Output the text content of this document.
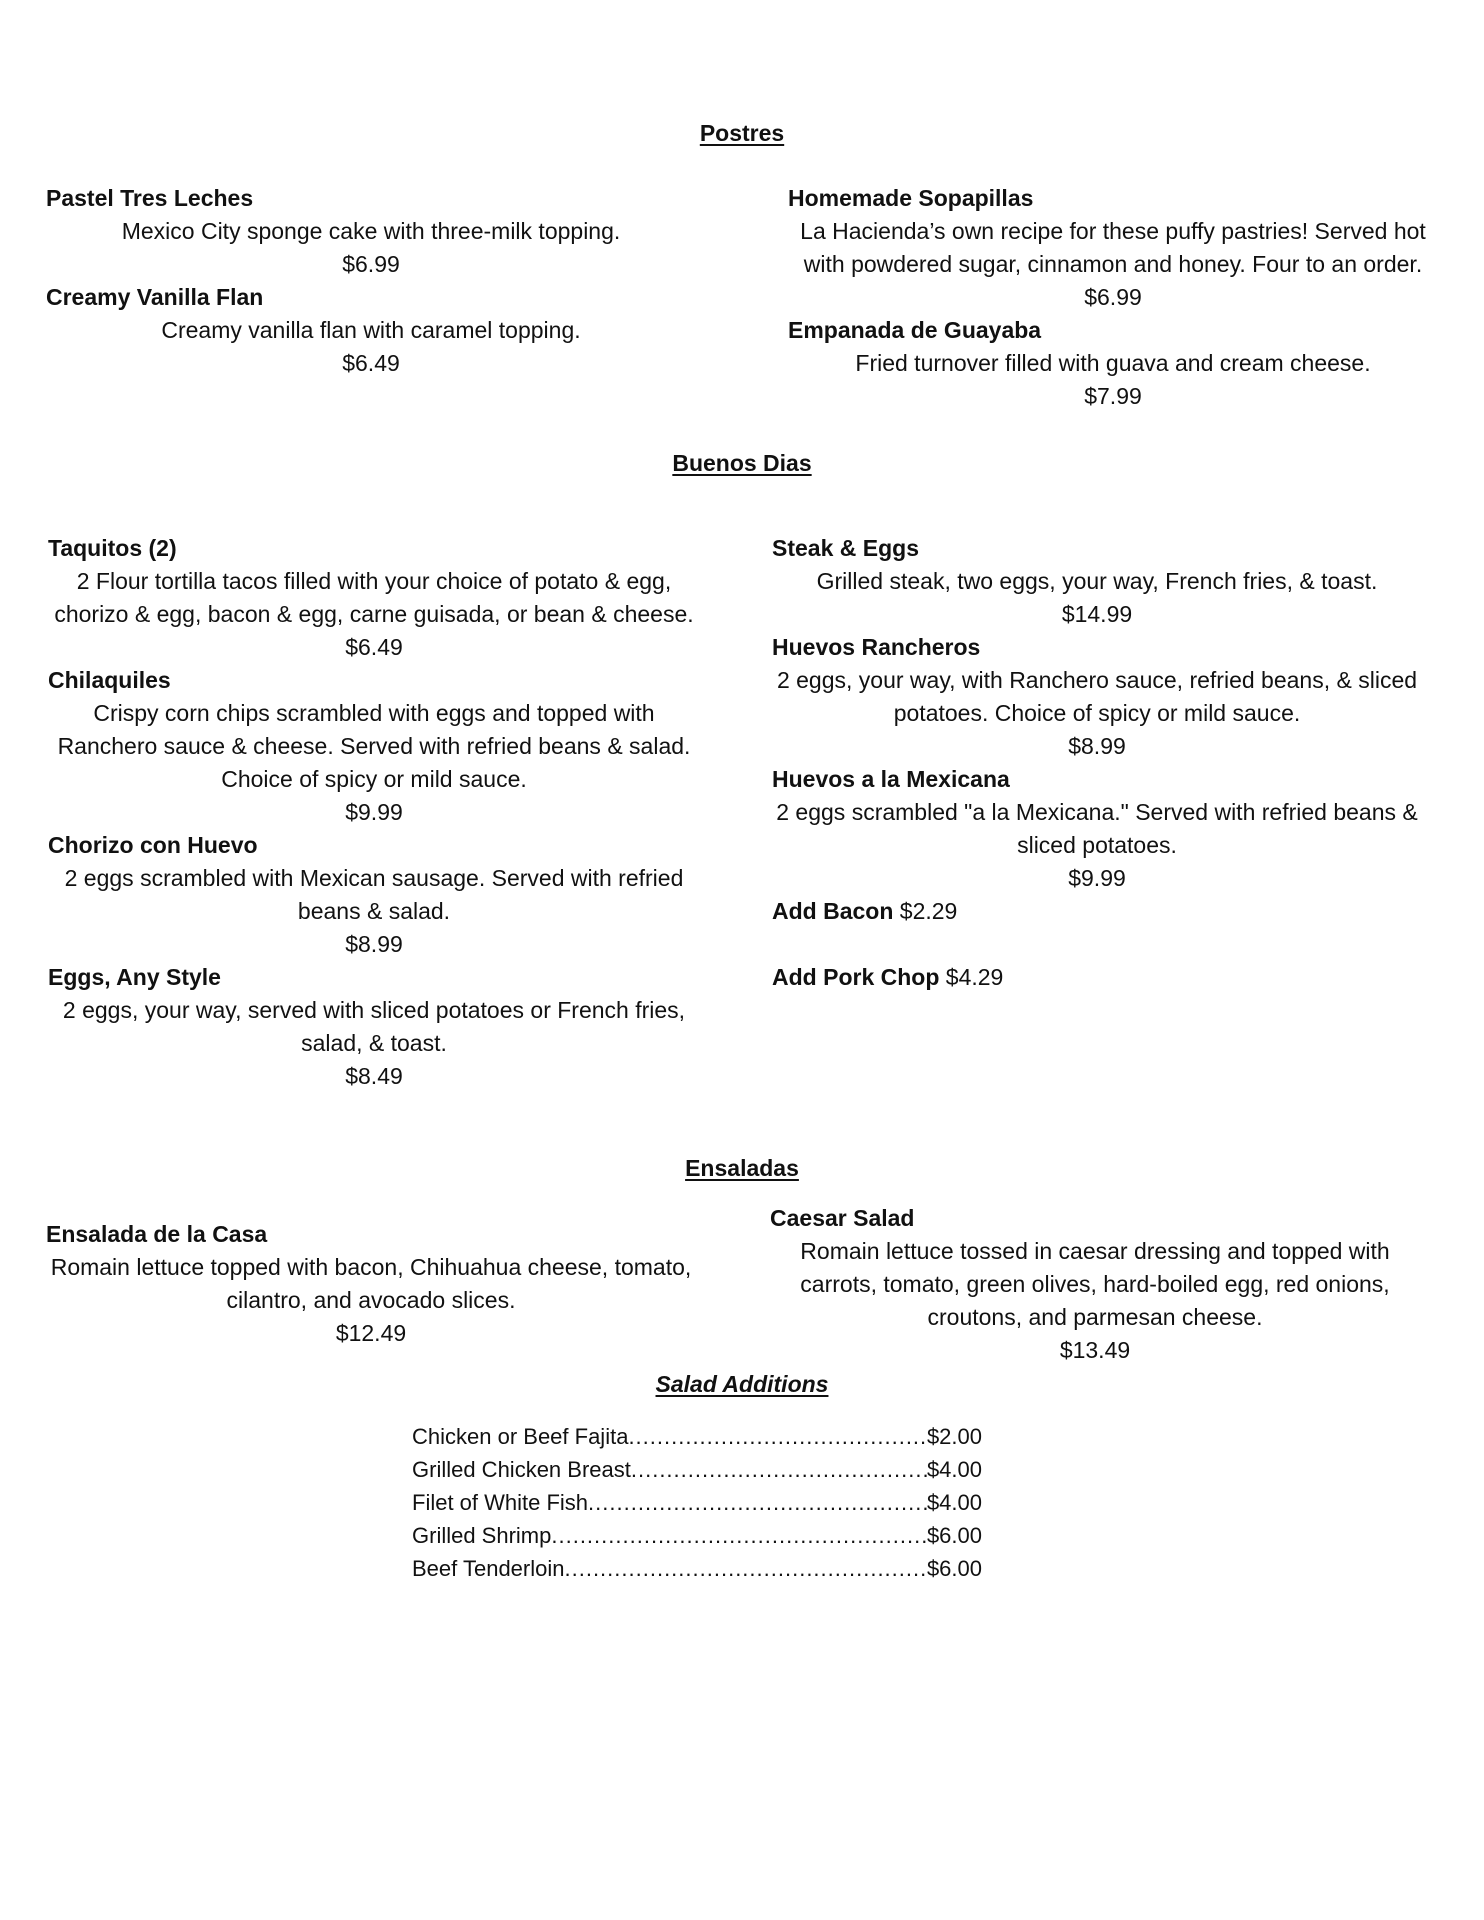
Postres

Pastel Tres Leches

Mexico City sponge cake with three-milk topping.

$6.99

Creamy Vanilla Flan

Creamy vanilla flan with caramel topping.

$6.49

Homemade Sopapillas

La Hacienda’s own recipe for these puffy pastries! Served hot with powdered sugar, cinnamon and honey. Four to an order.

$6.99

Empanada de Guayaba

Fried turnover filled with guava and cream cheese.

$7.99

Buenos Dias

Taquitos (2)

2 Flour tortilla tacos filled with your choice of potato & egg, chorizo & egg, bacon & egg, carne guisada, or bean & cheese.

$6.49

Chilaquiles

Crispy corn chips scrambled with eggs and topped with Ranchero sauce & cheese. Served with refried beans & salad. Choice of spicy or mild sauce.

$9.99

Chorizo con Huevo

2 eggs scrambled with Mexican sausage. Served with refried beans & salad.

$8.99

Eggs, Any Style

2 eggs, your way, served with sliced potatoes or French fries, salad, & toast.

$8.49

Steak & Eggs

Grilled steak, two eggs, your way, French fries, & toast.

$14.99

Huevos Rancheros

2 eggs, your way, with Ranchero sauce, refried beans, & sliced potatoes. Choice of spicy or mild sauce.

$8.99

Huevos a la Mexicana

2 eggs scrambled "a la Mexicana." Served with refried beans & sliced potatoes.

$9.99

Add Bacon $2.29

Add Pork Chop $4.29

Ensaladas

Ensalada de la Casa

Romain lettuce topped with bacon, Chihuahua cheese, tomato, cilantro, and avocado slices.

$12.49

Caesar Salad

Romain lettuce tossed in caesar dressing and topped with carrots, tomato, green olives, hard-boiled egg, red onions, croutons, and parmesan cheese.

$13.49

Salad Additions
Chicken or Beef Fajita .....	$2.00
Grilled Chicken Breast .....	$4.00
Filet of White Fish .....	$4.00
Grilled Shrimp .....	$6.00
Beef Tenderloin .....	$6.00
